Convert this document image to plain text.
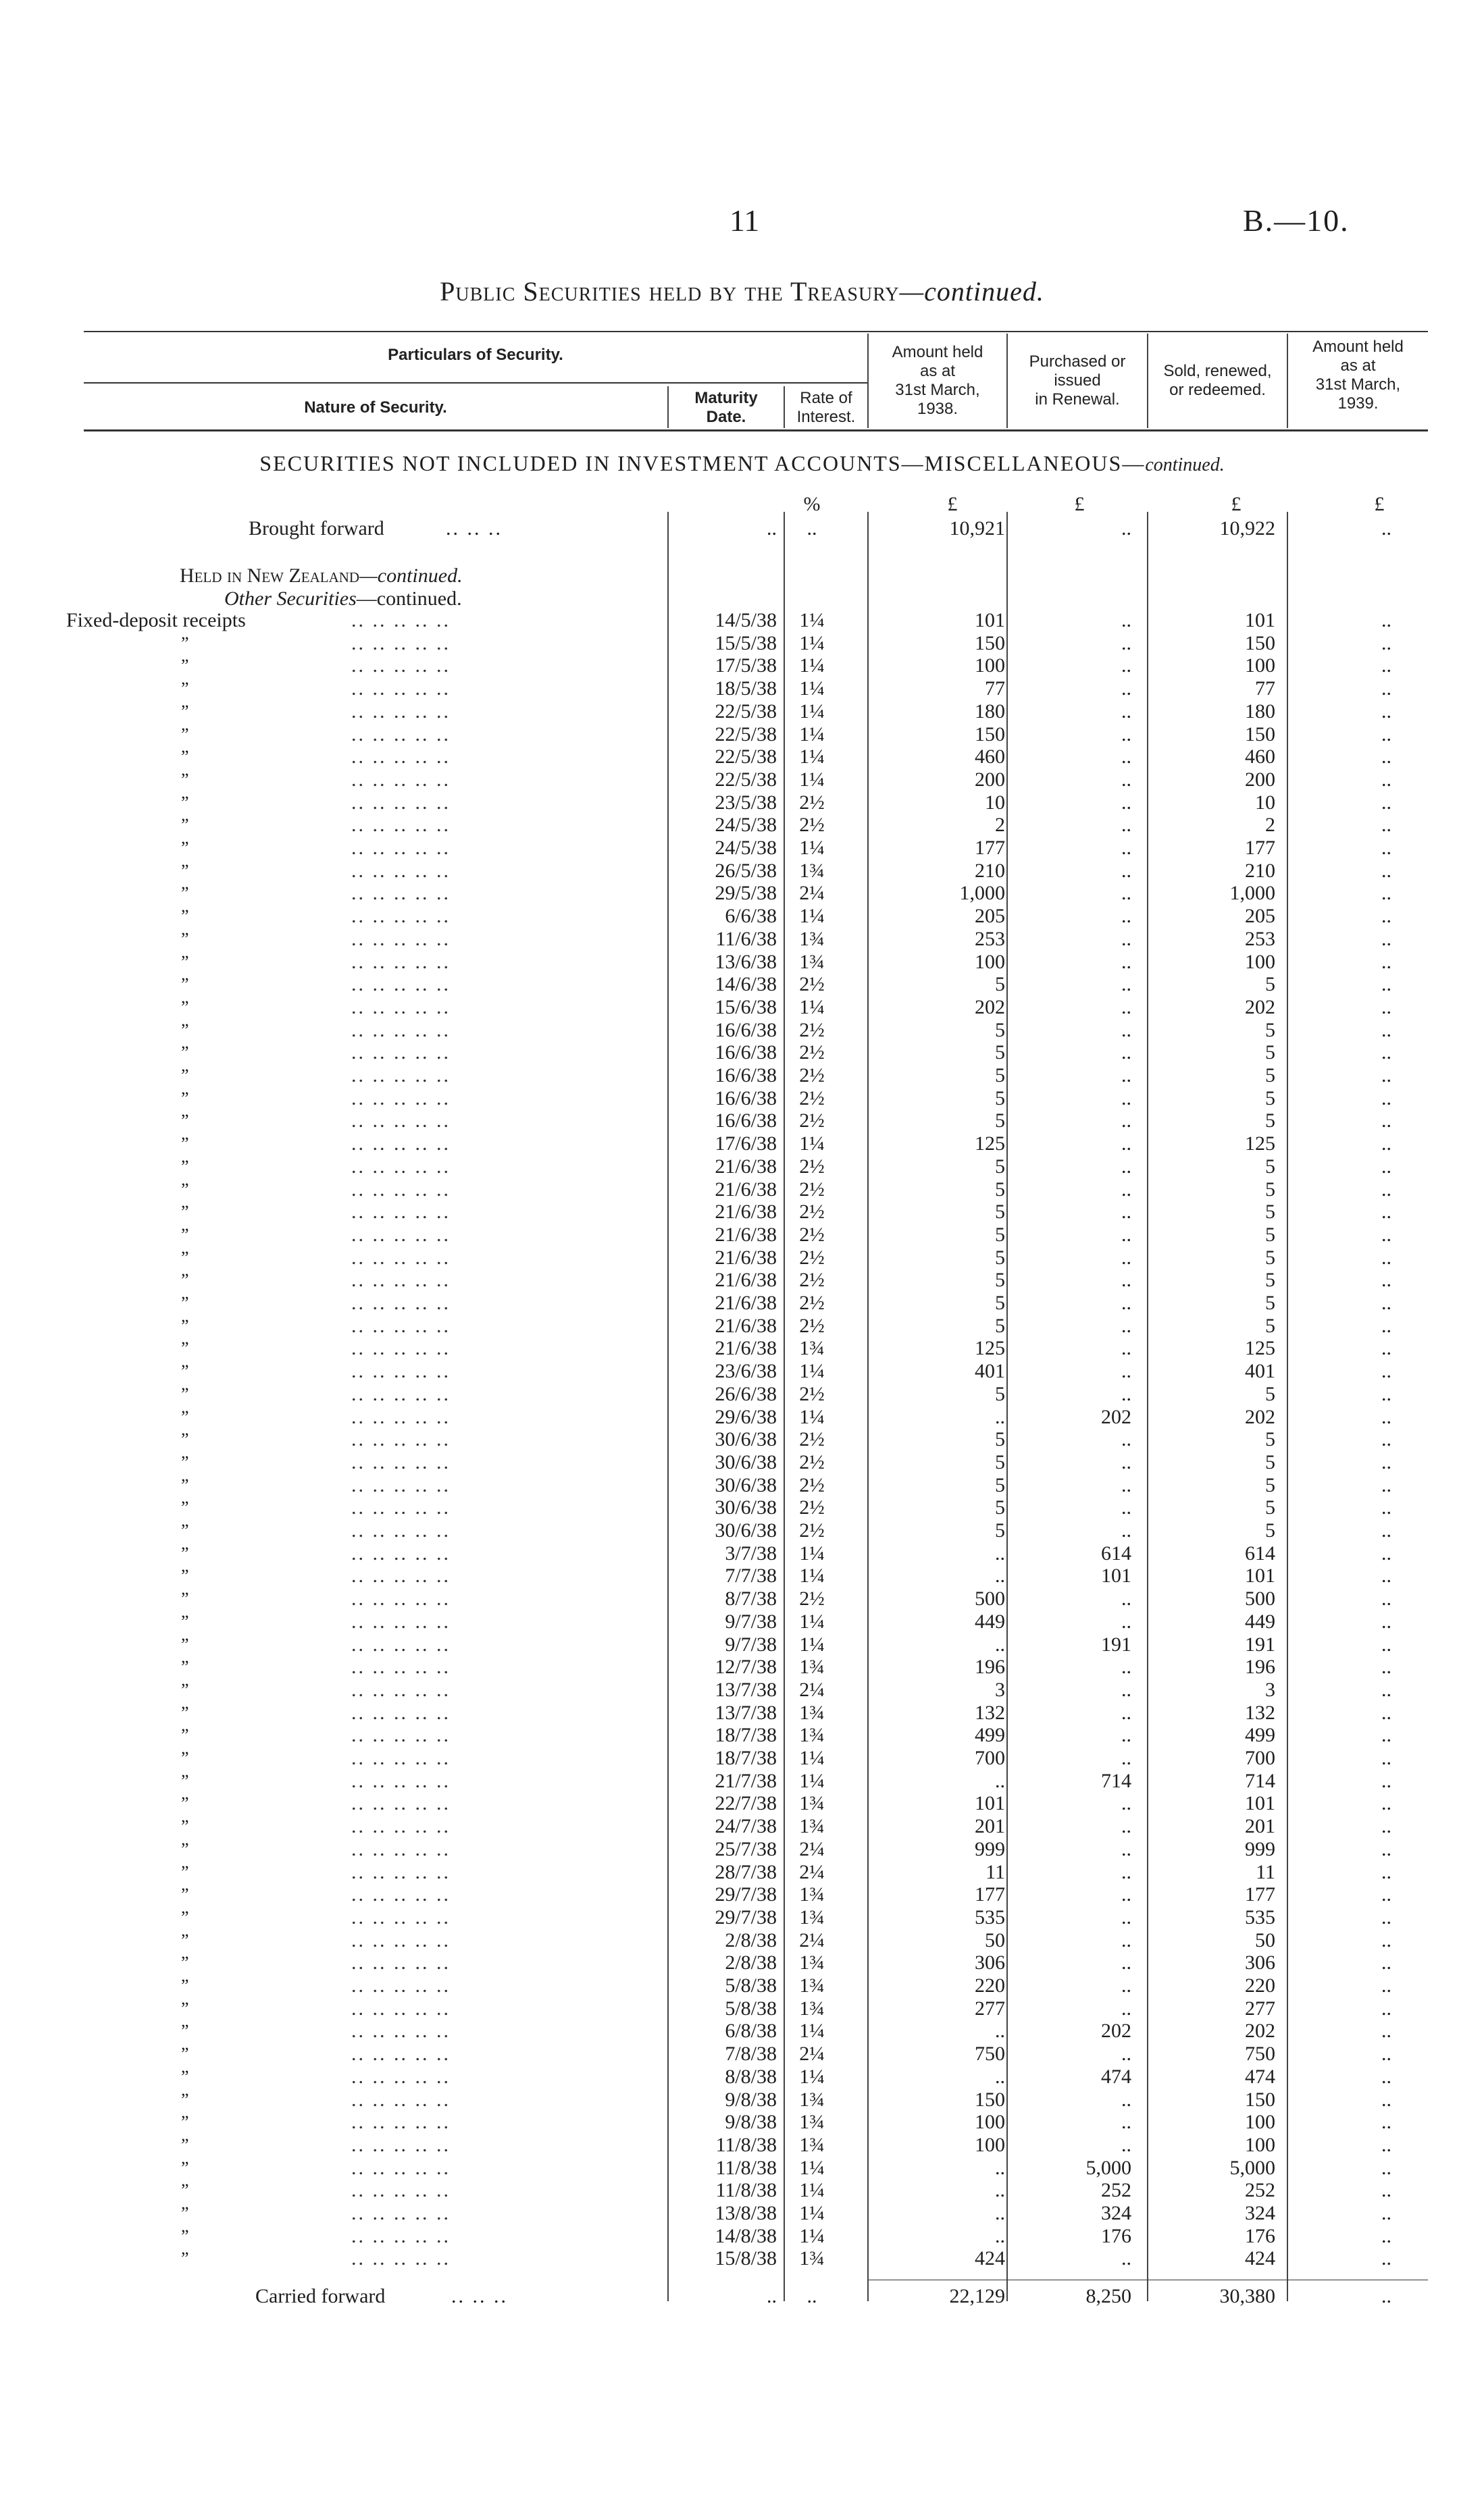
11	B.—10.
Public Securities held by the Treasury—continued.
Particulars of Security.
Nature of Security.
Maturity
Date.
Rate of
Interest.
Amount held
as at
31st March,
1938.
Purchased or
issued
in Renewal.
Sold, renewed,
or redeemed.
Amount held
as at
31st March,
1939.
SECURITIES NOT INCLUDED IN INVESTMENT ACCOUNTS—MISCELLANEOUS—continued.
%	£	£	£	£
Brought forward	.. .. ..	..	..	10,921	..	10,922	..
Held in New Zealand—continued.
Other Securities—continued.
Fixed-deposit receipts	.. .. .. .. ..	14/5/38	1¼	101	..	101	..
”	.. .. .. .. ..	15/5/38	1¼	150	..	150	..
”	.. .. .. .. ..	17/5/38	1¼	100	..	100	..
”	.. .. .. .. ..	18/5/38	1¼	77	..	77	..
”	.. .. .. .. ..	22/5/38	1¼	180	..	180	..
”	.. .. .. .. ..	22/5/38	1¼	150	..	150	..
”	.. .. .. .. ..	22/5/38	1¼	460	..	460	..
”	.. .. .. .. ..	22/5/38	1¼	200	..	200	..
”	.. .. .. .. ..	23/5/38	2½	10	..	10	..
”	.. .. .. .. ..	24/5/38	2½	2	..	2	..
”	.. .. .. .. ..	24/5/38	1¼	177	..	177	..
”	.. .. .. .. ..	26/5/38	1¾	210	..	210	..
”	.. .. .. .. ..	29/5/38	2¼	1,000	..	1,000	..
”	.. .. .. .. ..	6/6/38	1¼	205	..	205	..
”	.. .. .. .. ..	11/6/38	1¾	253	..	253	..
”	.. .. .. .. ..	13/6/38	1¾	100	..	100	..
”	.. .. .. .. ..	14/6/38	2½	5	..	5	..
”	.. .. .. .. ..	15/6/38	1¼	202	..	202	..
”	.. .. .. .. ..	16/6/38	2½	5	..	5	..
”	.. .. .. .. ..	16/6/38	2½	5	..	5	..
”	.. .. .. .. ..	16/6/38	2½	5	..	5	..
”	.. .. .. .. ..	16/6/38	2½	5	..	5	..
”	.. .. .. .. ..	16/6/38	2½	5	..	5	..
”	.. .. .. .. ..	17/6/38	1¼	125	..	125	..
”	.. .. .. .. ..	21/6/38	2½	5	..	5	..
”	.. .. .. .. ..	21/6/38	2½	5	..	5	..
”	.. .. .. .. ..	21/6/38	2½	5	..	5	..
”	.. .. .. .. ..	21/6/38	2½	5	..	5	..
”	.. .. .. .. ..	21/6/38	2½	5	..	5	..
”	.. .. .. .. ..	21/6/38	2½	5	..	5	..
”	.. .. .. .. ..	21/6/38	2½	5	..	5	..
”	.. .. .. .. ..	21/6/38	2½	5	..	5	..
”	.. .. .. .. ..	21/6/38	1¾	125	..	125	..
”	.. .. .. .. ..	23/6/38	1¼	401	..	401	..
”	.. .. .. .. ..	26/6/38	2½	5	..	5	..
”	.. .. .. .. ..	29/6/38	1¼	..	202	202	..
”	.. .. .. .. ..	30/6/38	2½	5	..	5	..
”	.. .. .. .. ..	30/6/38	2½	5	..	5	..
”	.. .. .. .. ..	30/6/38	2½	5	..	5	..
”	.. .. .. .. ..	30/6/38	2½	5	..	5	..
”	.. .. .. .. ..	30/6/38	2½	5	..	5	..
”	.. .. .. .. ..	3/7/38	1¼	..	614	614	..
”	.. .. .. .. ..	7/7/38	1¼	..	101	101	..
”	.. .. .. .. ..	8/7/38	2½	500	..	500	..
”	.. .. .. .. ..	9/7/38	1¼	449	..	449	..
”	.. .. .. .. ..	9/7/38	1¼	..	191	191	..
”	.. .. .. .. ..	12/7/38	1¾	196	..	196	..
”	.. .. .. .. ..	13/7/38	2¼	3	..	3	..
”	.. .. .. .. ..	13/7/38	1¾	132	..	132	..
”	.. .. .. .. ..	18/7/38	1¾	499	..	499	..
”	.. .. .. .. ..	18/7/38	1¼	700	..	700	..
”	.. .. .. .. ..	21/7/38	1¼	..	714	714	..
”	.. .. .. .. ..	22/7/38	1¾	101	..	101	..
”	.. .. .. .. ..	24/7/38	1¾	201	..	201	..
”	.. .. .. .. ..	25/7/38	2¼	999	..	999	..
”	.. .. .. .. ..	28/7/38	2¼	11	..	11	..
”	.. .. .. .. ..	29/7/38	1¾	177	..	177	..
”	.. .. .. .. ..	29/7/38	1¾	535	..	535	..
”	.. .. .. .. ..	2/8/38	2¼	50	..	50	..
”	.. .. .. .. ..	2/8/38	1¾	306	..	306	..
”	.. .. .. .. ..	5/8/38	1¾	220	..	220	..
”	.. .. .. .. ..	5/8/38	1¾	277	..	277	..
”	.. .. .. .. ..	6/8/38	1¼	..	202	202	..
”	.. .. .. .. ..	7/8/38	2¼	750	..	750	..
”	.. .. .. .. ..	8/8/38	1¼	..	474	474	..
”	.. .. .. .. ..	9/8/38	1¾	150	..	150	..
”	.. .. .. .. ..	9/8/38	1¾	100	..	100	..
”	.. .. .. .. ..	11/8/38	1¾	100	..	100	..
”	.. .. .. .. ..	11/8/38	1¼	..	5,000	5,000	..
”	.. .. .. .. ..	11/8/38	1¼	..	252	252	..
”	.. .. .. .. ..	13/8/38	1¼	..	324	324	..
”	.. .. .. .. ..	14/8/38	1¼	..	176	176	..
”	.. .. .. .. ..	15/8/38	1¾	424	..	424	..
Carried forward	.. .. ..	..	..	22,129	8,250	30,380	..
